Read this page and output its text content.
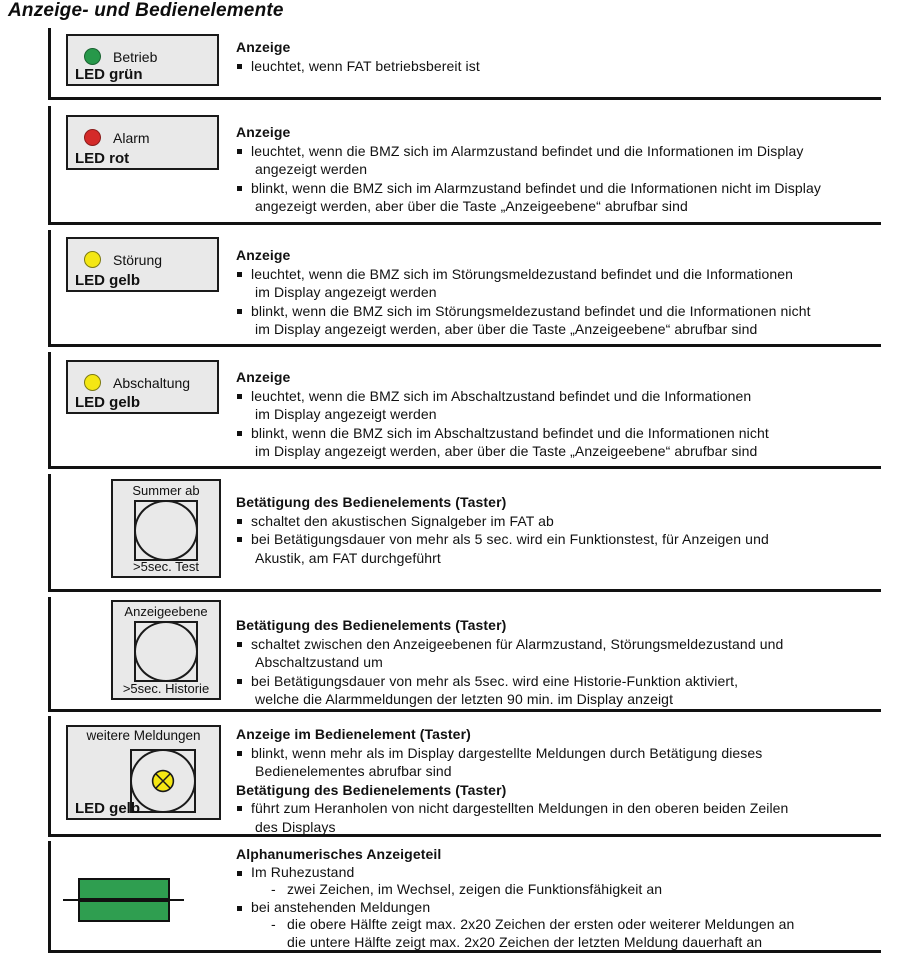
Anzeige- und Bedienelemente
Betrieb
LED grün
Anzeige
leuchtet, wenn FAT betriebsbereit ist
Alarm
LED rot
Anzeige
leuchtet, wenn die BMZ sich im Alarmzustand befindet und die Informationen im Display
angezeigt werden
blinkt, wenn die BMZ sich im Alarmzustand befindet und die Informationen nicht im Display
angezeigt werden, aber über die Taste „Anzeigeebene“ abrufbar sind
Störung
LED gelb
Anzeige
leuchtet, wenn die BMZ sich im Störungsmeldezustand befindet und die Informationen
im Display angezeigt werden
blinkt, wenn die BMZ sich im Störungsmeldezustand befindet und die Informationen nicht
im Display angezeigt werden, aber über die Taste „Anzeigeebene“ abrufbar sind
Abschaltung
LED gelb
Anzeige
leuchtet, wenn die BMZ sich im Abschaltzustand befindet und die Informationen
im Display angezeigt werden
blinkt, wenn die BMZ sich im Abschaltzustand befindet und die Informationen nicht
im Display angezeigt werden, aber über die Taste „Anzeigeebene“ abrufbar sind
Summer ab
>5sec. Test
Betätigung des Bedienelements (Taster)
schaltet den akustischen Signalgeber im FAT ab
bei Betätigungsdauer von mehr als 5 sec. wird ein Funktionstest, für Anzeigen und
Akustik, am FAT durchgeführt
Anzeigeebene
>5sec. Historie
Betätigung des Bedienelements (Taster)
schaltet zwischen den Anzeigeebenen für Alarmzustand, Störungsmeldezustand und
Abschaltzustand um
bei Betätigungsdauer von mehr als 5sec. wird eine Historie-Funktion aktiviert,
welche die Alarmmeldungen der letzten 90 min. im Display anzeigt
weitere Meldungen
LED gelb
Anzeige im Bedienelement (Taster)
blinkt, wenn mehr als im Display dargestellte Meldungen durch Betätigung dieses
Bedienelementes abrufbar sind
Betätigung des Bedienelements (Taster)
führt zum Heranholen von nicht dargestellten Meldungen in den oberen beiden Zeilen
des Displays

Alphanumerisches Anzeigeteil
Im Ruhezustand
- zwei Zeichen, im Wechsel, zeigen die Funktionsfähigkeit an
bei anstehenden Meldungen
- die obere Hälfte zeigt max. 2x20 Zeichen der ersten oder weiterer Meldungen an
die untere Hälfte zeigt max. 2x20 Zeichen der letzten Meldung dauerhaft an
